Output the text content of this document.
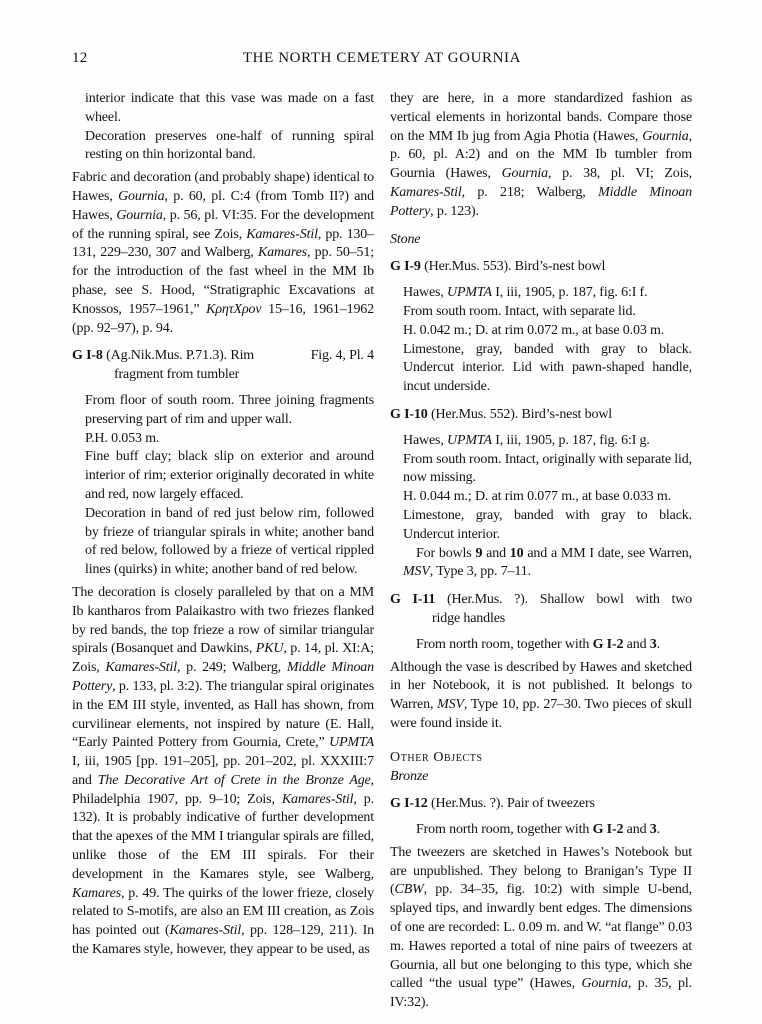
12	THE NORTH CEMETERY AT GOURNIA
interior indicate that this vase was made on a fast wheel.
Decoration preserves one-half of running spiral resting on thin horizontal band.
Fabric and decoration (and probably shape) identical to Hawes, Gournia, p. 60, pl. C:4 (from Tomb II?) and Hawes, Gournia, p. 56, pl. VI:35. For the development of the running spiral, see Zois, Kamares-Stil, pp. 130–131, 229–230, 307 and Walberg, Kamares, pp. 50–51; for the introduction of the fast wheel in the MM Ib phase, see S. Hood, “Stratigraphic Excavations at Knossos, 1957–1961,” ΚρητΧρον 15–16, 1961–1962 (pp. 92–97), p. 94.
G I-8 (Ag.Nik.Mus. P.71.3). Rim	Fig. 4, Pl. 4
fragment from tumbler
From floor of south room. Three joining fragments preserving part of rim and upper wall.
P.H. 0.053 m.
Fine buff clay; black slip on exterior and around interior of rim; exterior originally decorated in white and red, now largely effaced.
Decoration in band of red just below rim, followed by frieze of triangular spirals in white; another band of red below, followed by a frieze of vertical rippled lines (quirks) in white; another band of red below.
The decoration is closely paralleled by that on a MM Ib kantharos from Palaikastro with two friezes flanked by red bands, the top frieze a row of similar triangular spirals (Bosanquet and Dawkins, PKU, p. 14, pl. XI:A; Zois, Kamares-Stil, p. 249; Walberg, Middle Minoan Pottery, p. 133, pl. 3:2). The triangular spiral originates in the EM III style, invented, as Hall has shown, from curvilinear elements, not inspired by nature (E. Hall, “Early Painted Pottery from Gournia, Crete,” UPMTA I, iii, 1905 [pp. 191–205], pp. 201–202, pl. XXXIII:7 and The Decorative Art of Crete in the Bronze Age, Philadelphia 1907, pp. 9–10; Zois, Kamares-Stil, p. 132). It is probably indicative of further development that the apexes of the MM I triangular spirals are filled, unlike those of the EM III spirals. For their development in the Kamares style, see Walberg, Kamares, p. 49. The quirks of the lower frieze, closely related to S-motifs, are also an EM III creation, as Zois has pointed out (Kamares-Stil, pp. 128–129, 211). In the Kamares style, however, they appear to be used, as
they are here, in a more standardized fashion as vertical elements in horizontal bands. Compare those on the MM Ib jug from Agia Photia (Hawes, Gournia, p. 60, pl. A:2) and on the MM Ib tumbler from Gournia (Hawes, Gournia, p. 38, pl. VI; Zois, Kamares-Stil, p. 218; Walberg, Middle Minoan Pottery, p. 123).
Stone
G I-9 (Her.Mus. 553). Bird’s-nest bowl
Hawes, UPMTA I, iii, 1905, p. 187, fig. 6:I f.
From south room. Intact, with separate lid.
H. 0.042 m.; D. at rim 0.072 m., at base 0.03 m.
Limestone, gray, banded with gray to black. Undercut interior. Lid with pawn-shaped handle, incut underside.
G I-10 (Her.Mus. 552). Bird’s-nest bowl
Hawes, UPMTA I, iii, 1905, p. 187, fig. 6:I g.
From south room. Intact, originally with separate lid, now missing.
H. 0.044 m.; D. at rim 0.077 m., at base 0.033 m.
Limestone, gray, banded with gray to black. Undercut interior.
For bowls 9 and 10 and a MM I date, see Warren, MSV, Type 3, pp. 7–11.
G I-11 (Her.Mus. ?). Shallow bowl with two
ridge handles
From north room, together with G I-2 and 3.
Although the vase is described by Hawes and sketched in her Notebook, it is not published. It belongs to Warren, MSV, Type 10, pp. 27–30. Two pieces of skull were found inside it.
Other Objects
Bronze
G I-12 (Her.Mus. ?). Pair of tweezers
From north room, together with G I-2 and 3.
The tweezers are sketched in Hawes’s Notebook but are unpublished. They belong to Branigan’s Type II (CBW, pp. 34–35, fig. 10:2) with simple U-bend, splayed tips, and inwardly bent edges. The dimensions of one are recorded: L. 0.09 m. and W. “at flange” 0.03 m. Hawes reported a total of nine pairs of tweezers at Gournia, all but one belonging to this type, which she called “the usual type” (Hawes, Gournia, p. 35, pl. IV:32).
